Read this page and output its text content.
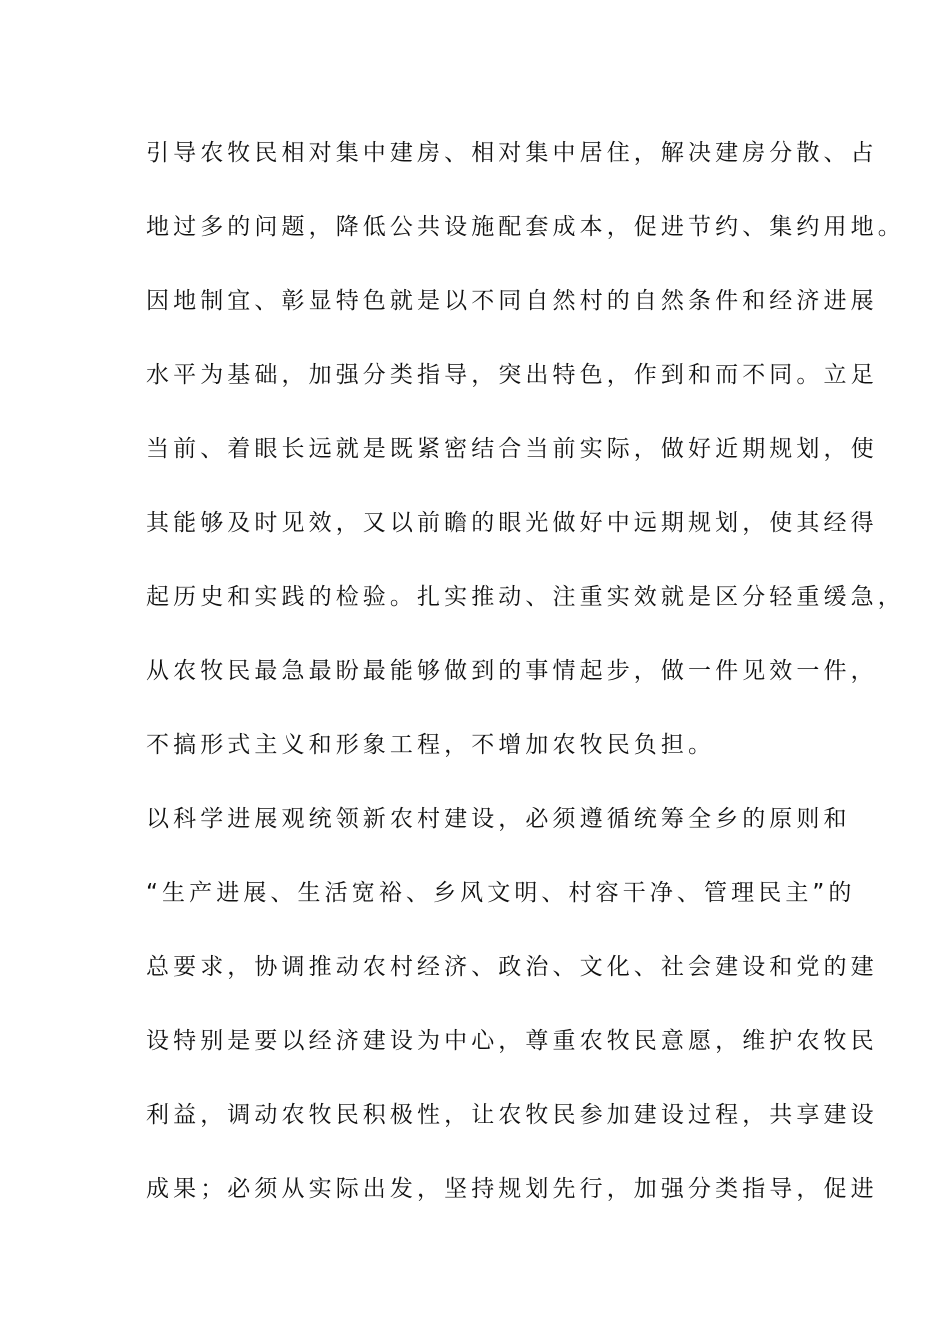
引导农牧民相对集中建房、相对集中居住，解决建房分散、占
地过多的问题，降低公共设施配套成本，促进节约、集约用地。
因地制宜、彰显特色就是以不同自然村的自然条件和经济进展
水平为基础，加强分类指导，突出特色，作到和而不同。立足
当前、着眼长远就是既紧密结合当前实际，做好近期规划，使
其能够及时见效，又以前瞻的眼光做好中远期规划，使其经得
起历史和实践的检验。扎实推动、注重实效就是区分轻重缓急，
从农牧民最急最盼最能够做到的事情起步，做一件见效一件，
不搞形式主义和形象工程，不增加农牧民负担。
以科学进展观统领新农村建设，必须遵循统筹全乡的原则和
“生产进展、生活宽裕、乡风文明、村容干净、管理民主”的
总要求，协调推动农村经济、政治、文化、社会建设和党的建
设特别是要以经济建设为中心，尊重农牧民意愿，维护农牧民
利益，调动农牧民积极性，让农牧民参加建设过程，共享建设
成果；必须从实际出发，坚持规划先行，加强分类指导，促进
